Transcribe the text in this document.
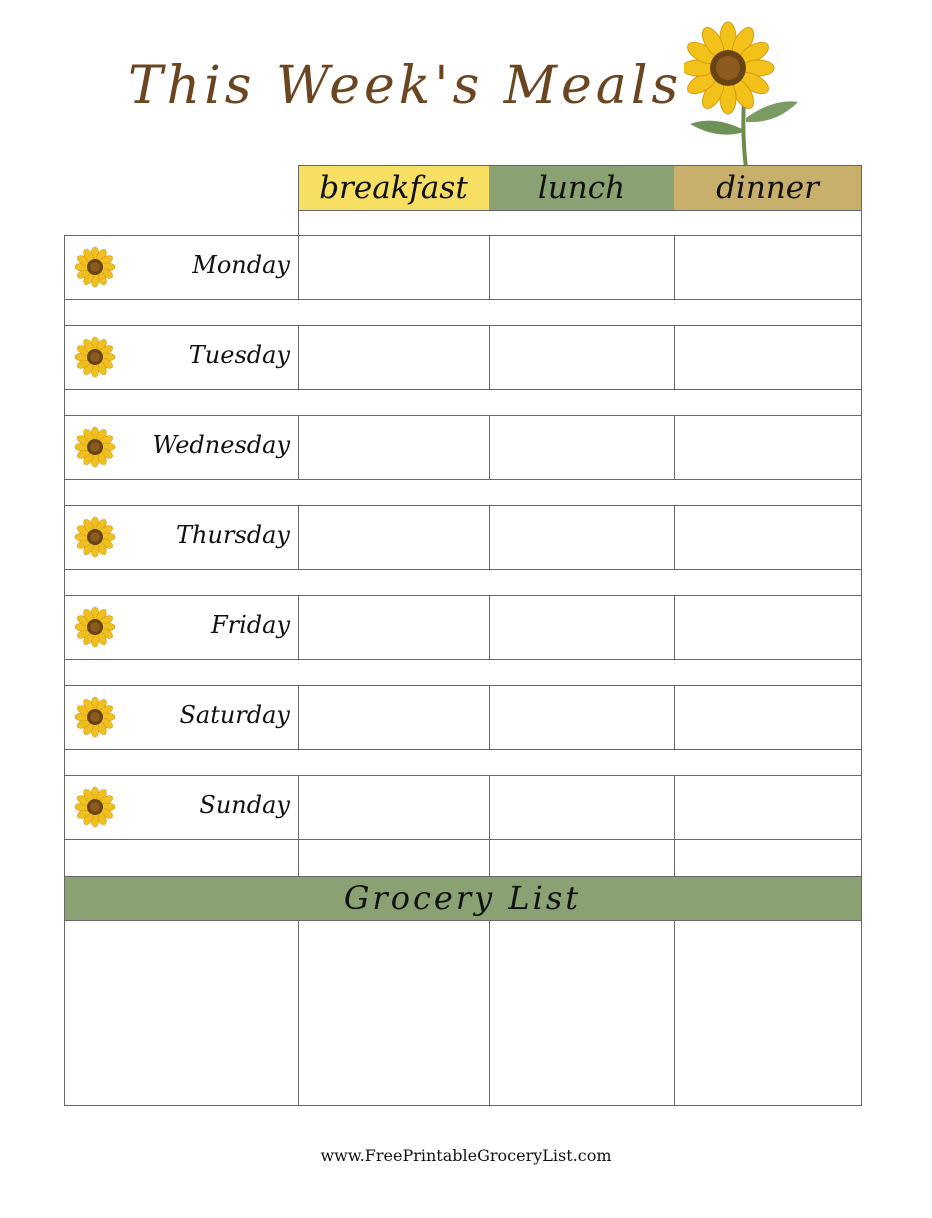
This Week's Meals
breakfast	lunch	dinner
Monday
Tuesday
Wednesday
Thursday
Friday
Saturday
Sunday
Grocery List
www.FreePrintableGroceryList.com
